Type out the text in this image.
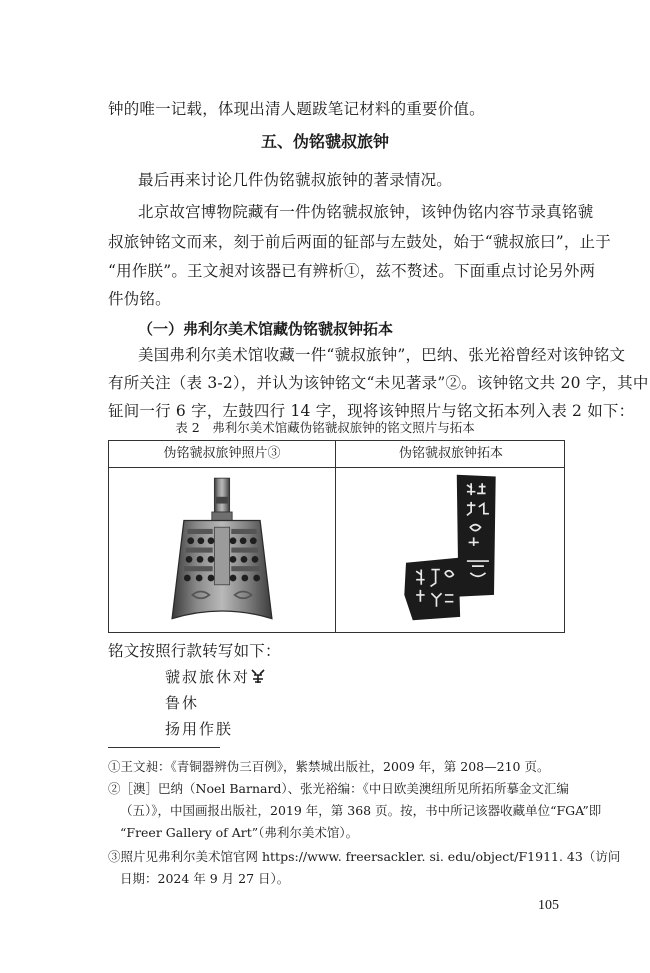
钟的唯一记载，体现出清人题跋笔记材料的重要价值。
五、伪铭虢叔旅钟
最后再来讨论几件伪铭虢叔旅钟的著录情况。
北京故宫博物院藏有一件伪铭虢叔旅钟，该钟伪铭内容节录真铭虢
叔旅钟铭文而来，刻于前后两面的钲部与左鼓处，始于“虢叔旅曰”，止于
“用作朕”。王文昶对该器已有辨析①，兹不赘述。下面重点讨论另外两
件伪铭。
（一）弗利尔美术馆藏伪铭虢叔钟拓本
美国弗利尔美术馆收藏一件“虢叔旅钟”，巴纳、张光裕曾经对该钟铭文
伪铭虢叔旅钟照片③	伪铭虢叔旅钟拓本
铭文按照行款转写如下：
虢叔旅休对
鲁休
扬用作朕
①王文昶：《青铜器辨伪三百例》，紫禁城出版社，2009 年，第 208—210 页。
②［澳］巴纳（Noel Barnard）、张光裕编：《中日欧美澳纽所见所拓所摹金文汇编
（五）》，中国画报出版社，2019 年，第 368 页。按，书中所记该器收藏单位“FGA”即
“Freer Gallery of Art”（弗利尔美术馆）。
③照片见弗利尔美术馆官网 https://www. freersackler. si. edu/object/F1911. 43（访问
日期：2024 年 9 月 27 日）。
105
有所关注（表 3-2），并认为该钟铭文“未见著录”②。该钟铭文共 20 字，其中
钲间一行 6 字，左鼓四行 14 字，现将该钟照片与铭文拓本列入表 2 如下：
表 2　弗利尔美术馆藏伪铭虢叔旅钟的铭文照片与拓本
